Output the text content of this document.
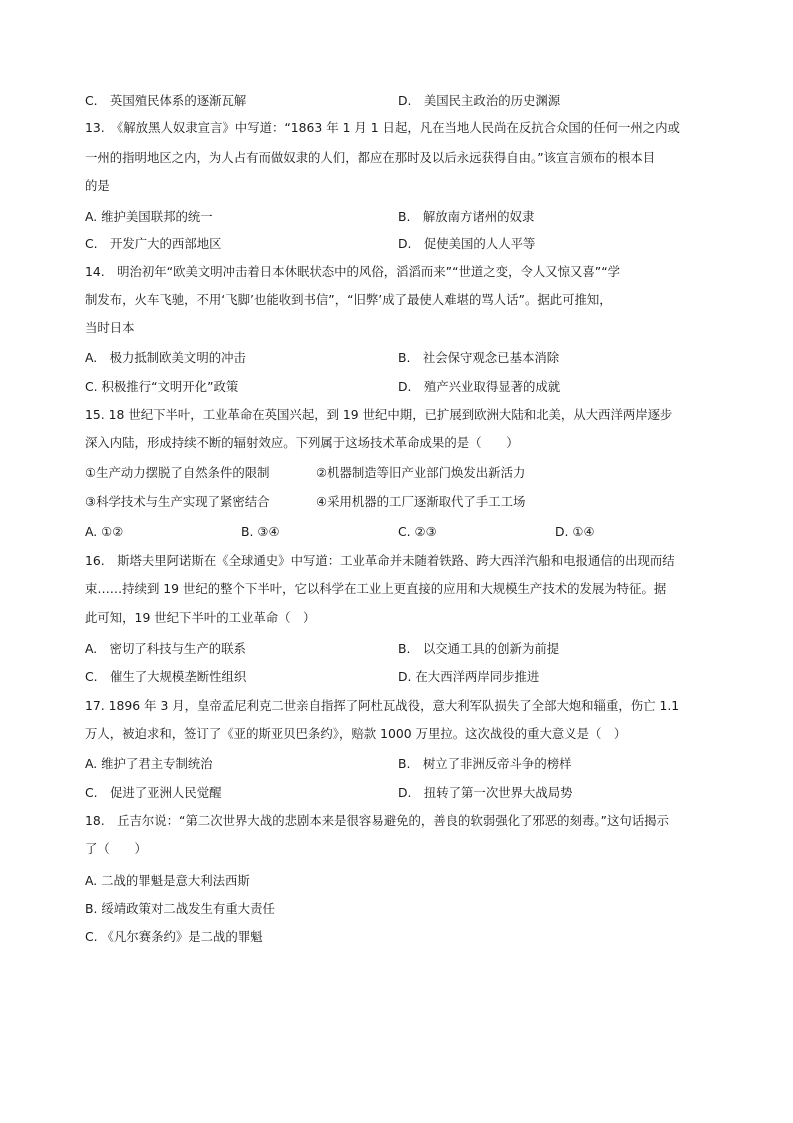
C.　英国殖民体系的逐渐瓦解	D.　美国民主政治的历史渊源
13.　《解放黑人奴隶宣言》中写道：“1863 年 1 月 1 日起，凡在当地人民尚在反抗合众国的任何一州之内或
一州的指明地区之内，为人占有而做奴隶的人们，都应在那时及以后永远获得自由。”该宣言颁布的根本目
的是
A. 维护美国联邦的统一	B.　解放南方诸州的奴隶
C.　开发广大的西部地区	D.　促使美国的人人平等
14.　明治初年“欧美文明冲击着日本休眠状态中的风俗，滔滔而来”“世道之变，令人又惊又喜”“学
制发布，火车飞驰，不用‘飞脚’也能收到书信”，“旧弊’成了最使人难堪的骂人话”。据此可推知，
当时日本
A.　极力抵制欧美文明的冲击	B.　社会保守观念已基本消除
C. 积极推行“文明开化”政策	D.　殖产兴业取得显著的成就
15. 18 世纪下半叶，工业革命在英国兴起，到 19 世纪中期，已扩展到欧洲大陆和北美，从大西洋两岸逐步
深入内陆，形成持续不断的辐射效应。下列属于这场技术革命成果的是（　　）
①生产动力摆脱了自然条件的限制	②机器制造等旧产业部门焕发出新活力
③科学技术与生产实现了紧密结合	④采用机器的工厂逐渐取代了手工工场
A. ①②	B. ③④	C. ②③	D. ①④
16.　斯塔夫里阿诺斯在《全球通史》中写道：工业革命并未随着铁路、跨大西洋汽船和电报通信的出现而结
束……持续到 19 世纪的整个下半叶，它以科学在工业上更直接的应用和大规模生产技术的发展为特征。据
此可知，19 世纪下半叶的工业革命（　）
A.　密切了科技与生产的联系	B.　以交通工具的创新为前提
C.　催生了大规模垄断性组织	D. 在大西洋两岸同步推进
17. 1896 年 3 月，皇帝孟尼利克二世亲自指挥了阿杜瓦战役，意大利军队损失了全部大炮和辎重，伤亡 1.1
万人，被迫求和，签订了《亚的斯亚贝巴条约》，赔款 1000 万里拉。这次战役的重大意义是（　）
A. 维护了君主专制统治	B.　树立了非洲反帝斗争的榜样
C.　促进了亚洲人民觉醒	D.　扭转了第一次世界大战局势
18.　丘吉尔说：“第二次世界大战的悲剧本来是很容易避免的，善良的软弱强化了邪恶的刻毒。”这句话揭示
了（　　）
A. 二战的罪魁是意大利法西斯
B. 绥靖政策对二战发生有重大责任
C. 《凡尔赛条约》是二战的罪魁
